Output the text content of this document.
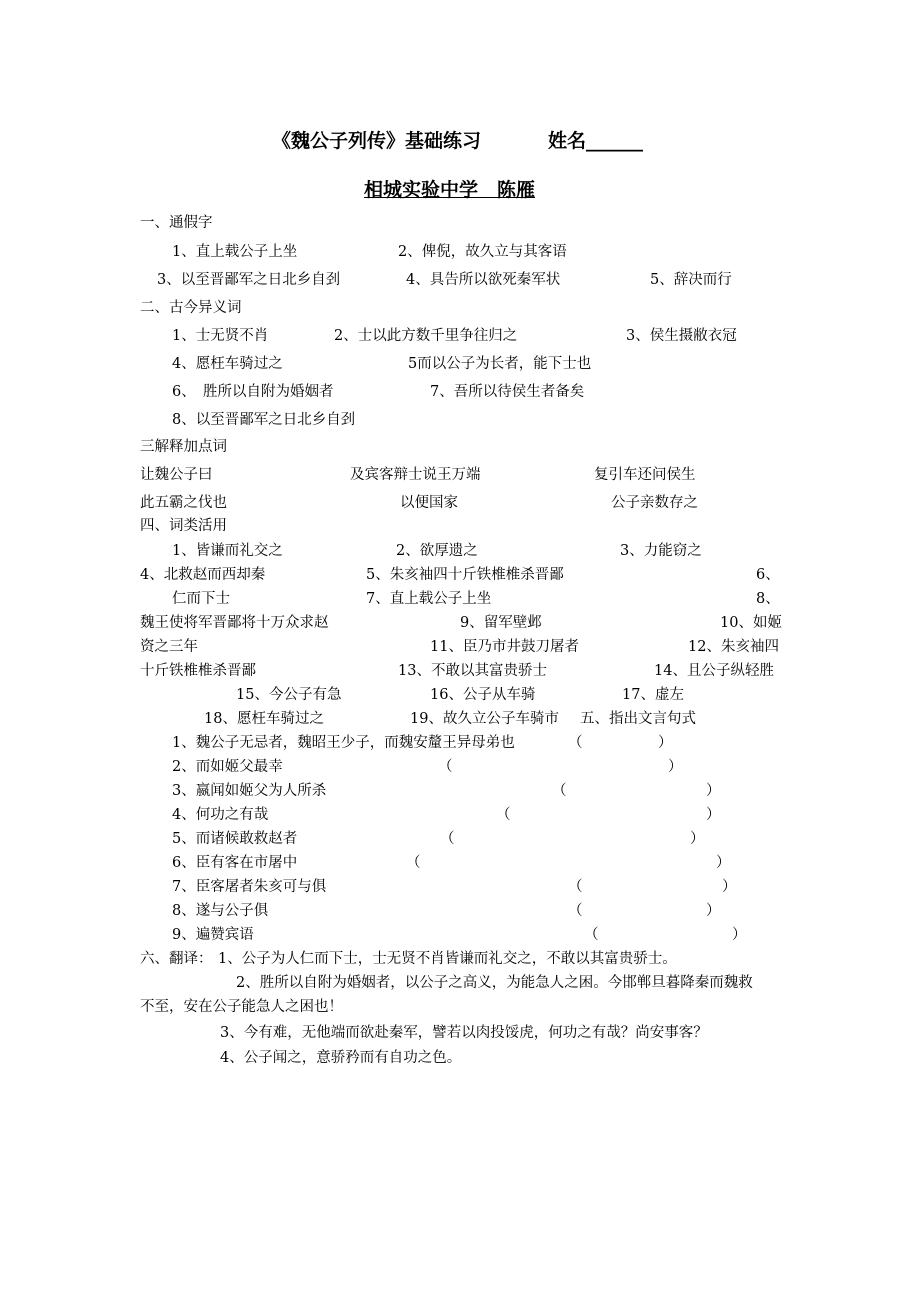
《魏公子列传》基础练习	姓名______
相城实验中学　陈雁
一、通假字
1、直上载公子上坐	2、俾倪，故久立与其客语
3、以至晋鄙军之日北乡自刭	4、具告所以欲死秦军状	5、辞决而行
二、古今异义词
1、士无贤不肖	2、士以此方数千里争往归之	3、侯生摄敝衣冠
4、愿枉车骑过之	5而以公子为长者，能下士也
6、　胜所以自附为婚姻者	7、吾所以待侯生者备矣
8、以至晋鄙军之日北乡自刭
三解释加点词
让魏公子曰	及宾客辩士说王万端	复引车还问侯生
此五霸之伐也	以便国家	公子亲数存之
四、词类活用
1、皆谦而礼交之	2、欲厚遗之	3、力能窃之
4、北救赵而西却秦	5、朱亥袖四十斤铁椎椎杀晋鄙	6、
仁而下士	7、直上载公子上坐	8、
魏王使将军晋鄙将十万众求赵	9、留军壁邺	10、如姬
资之三年	11、臣乃市井鼓刀屠者	12、朱亥袖四
十斤铁椎椎杀晋鄙	13、不敢以其富贵骄士	14、且公子纵轻胜
15、今公子有急	16、公子从车骑	17、虚左
18、愿枉车骑过之	19、故久立公子车骑市 五、指出文言句式
1、魏公子无忌者，魏昭王少子，而魏安釐王异母弟也	（	）
2、而如姬父最幸	（	）
3、嬴闻如姬父为人所杀	（	）
4、何功之有哉	（	）
5、而诸候敢救赵者	（	）
6、臣有客在市屠中	（	）
7、臣客屠者朱亥可与俱	（	）
8、遂与公子俱	（	）
9、遍赞宾语	（	）
六、翻译： 1、公子为人仁而下士，士无贤不肖皆谦而礼交之，不敢以其富贵骄士。
2、胜所以自附为婚姻者，以公子之高义，为能急人之困。今邯郸旦暮降秦而魏救
不至，安在公子能急人之困也！
3、今有难，无他端而欲赴秦军，譬若以肉投馁虎，何功之有哉？尚安事客？
4、公子闻之，意骄矜而有自功之色。
